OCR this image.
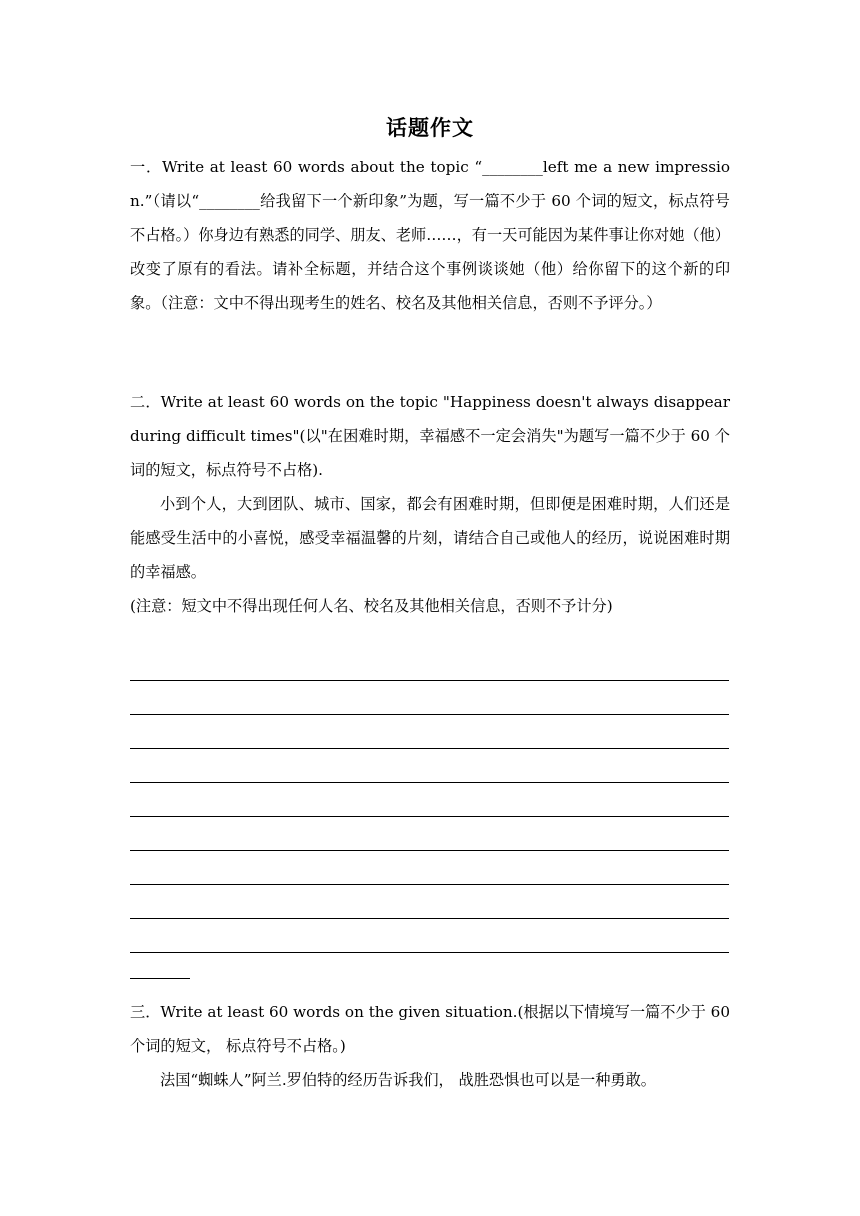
话题作文
一．Write at least 60 words about the topic “________left me a new impression.”（请以“________给我留下一个新印象”为题，写一篇不少于 60 个词的短文，标点符号不占格。）你身边有熟悉的同学、朋友、老师……，有一天可能因为某件事让你对她（他）改变了原有的看法。请补全标题，并结合这个事例谈谈她（他）给你留下的这个新的印象。（注意：文中不得出现考生的姓名、校名及其他相关信息，否则不予评分。）
二．Write at least 60 words on the topic "Happiness doesn't always disappear during difficult times"(以"在困难时期，幸福感不一定会消失"为题写一篇不少于 60 个词的短文，标点符号不占格).
小到个人，大到团队、城市、国家，都会有困难时期，但即便是困难时期，人们还是能感受生活中的小喜悦，感受幸福温馨的片刻，请结合自己或他人的经历，说说困难时期的幸福感。
(注意：短文中不得出现任何人名、校名及其他相关信息，否则不予计分)
三．Write at least 60 words on the given situation.(根据以下情境写一篇不少于 60 个词的短文， 标点符号不占格。)
法国“蜘蛛人”阿兰.罗伯特的经历告诉我们， 战胜恐惧也可以是一种勇敢。
